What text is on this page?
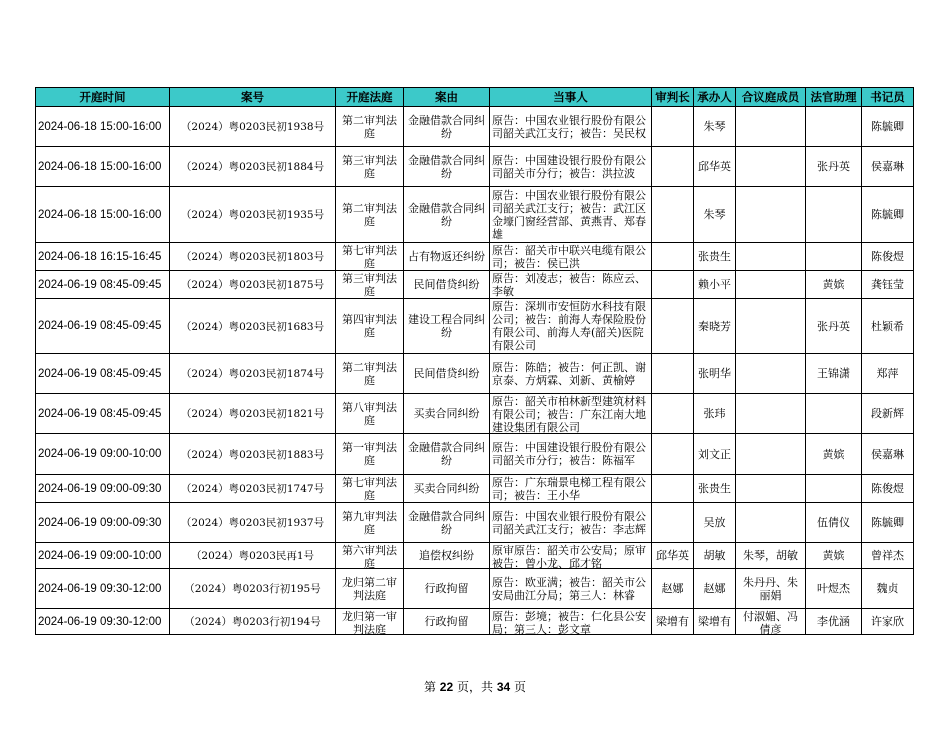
开庭时间	案号	开庭法庭	案由	当事人	审判长	承办人	合议庭成员	法官助理	书记员

2024-06-18 15:00-16:00	（2024）粤0203民初1938号	第二审判法庭	金融借款合同纠纷	原告：中国农业银行股份有限公司韶关武江支行；被告：吴民权		朱琴			陈毓卿

2024-06-18 15:00-16:00	（2024）粤0203民初1884号	第三审判法庭	金融借款合同纠纷	原告：中国建设银行股份有限公司韶关市分行；被告：洪拉波		邱华英		张丹英	侯嘉琳

2024-06-18 15:00-16:00	（2024）粤0203民初1935号	第二审判法庭	金融借款合同纠纷	原告：中国农业银行股份有限公司韶关武江支行；被告：武江区金壕门窗经营部、黄燕青、郑春雄		朱琴			陈毓卿

2024-06-18 16:15-16:45	（2024）粤0203民初1803号	第七审判法庭	占有物返还纠纷	原告：韶关市中联兴电缆有限公司；被告：侯已洪		张贵生			陈俊煜

2024-06-19 08:45-09:45	（2024）粤0203民初1875号	第三审判法庭	民间借贷纠纷	原告：刘凌志；被告：陈应云、李敏		赖小平		黄嫔	龚钰莹

2024-06-19 08:45-09:45	（2024）粤0203民初1683号	第四审判法庭	建设工程合同纠纷	原告：深圳市安恒防水科技有限公司；被告：前海人寿保险股份有限公司、前海人寿(韶关)医院有限公司		秦晓芳		张丹英	杜颖希

2024-06-19 08:45-09:45	（2024）粤0203民初1874号	第二审判法庭	民间借贷纠纷	原告：陈皓；被告：何正凯、谢京泰、方炳霖、刘新、黄榆婷		张明华		王锦潇	郑萍

2024-06-19 08:45-09:45	（2024）粤0203民初1821号	第八审判法庭	买卖合同纠纷	原告：韶关市柏林新型建筑材料有限公司；被告：广东江南大地建设集团有限公司		张玮			段新辉

2024-06-19 09:00-10:00	（2024）粤0203民初1883号	第一审判法庭	金融借款合同纠纷	原告：中国建设银行股份有限公司韶关市分行；被告：陈福军		刘文正		黄嫔	侯嘉琳

2024-06-19 09:00-09:30	（2024）粤0203民初1747号	第七审判法庭	买卖合同纠纷	原告：广东瑞景电梯工程有限公司；被告：王小华		张贵生			陈俊煜

2024-06-19 09:00-09:30	（2024）粤0203民初1937号	第九审判法庭	金融借款合同纠纷	原告：中国农业银行股份有限公司韶关武江支行；被告：李志辉		吴放		伍倩仪	陈毓卿

2024-06-19 09:00-10:00	（2024）粤0203民再1号	第六审判法庭	追偿权纠纷	原审原告：韶关市公安局；原审被告：曾小龙、邱才铭	邱华英	胡敏	朱琴，胡敏	黄嫔	曾祥杰

2024-06-19 09:30-12:00	（2024）粤0203行初195号	龙归第二审判法庭	行政拘留	原告：欧亚满；被告：韶关市公安局曲江分局；第三人：林睿	赵娜	赵娜	朱丹丹、朱丽娟	叶煜杰	魏贞

2024-06-19 09:30-12:00	（2024）粤0203行初194号	龙归第一审判法庭	行政拘留	原告：彭境；被告：仁化县公安局；第三人：彭文章	梁增有	梁增有	付淑媚、冯倩彦	李优涵	许家欣
第 22 页，共 34 页
